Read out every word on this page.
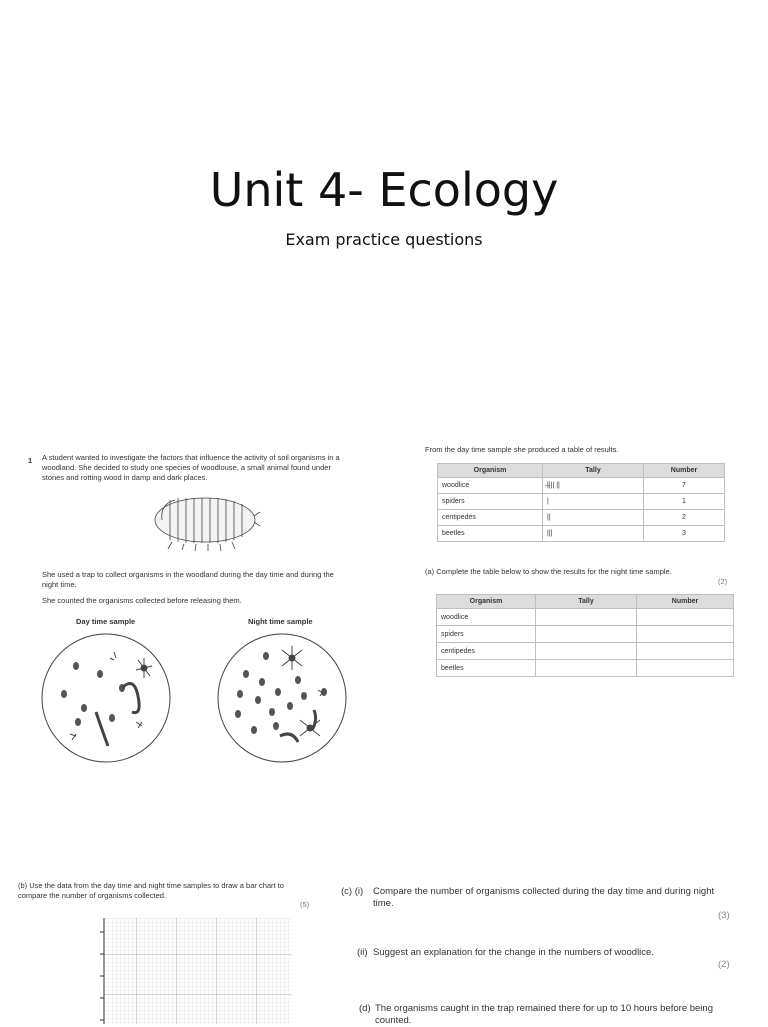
Unit 4- Ecology
Exam practice questions
1 A student wanted to investigate the factors that influence the activity of soil organisms in a woodland. She decided to study one species of woodlouse, a small animal found under stones and rotting wood in damp and dark places.
She used a trap to collect organisms in the woodland during the day time and during the night time.
She counted the organisms collected before releasing them.
Day time sample	Night time sample
From the day time sample she produced a table of results.
Organism	Tally	Number
woodlice	̶|||| ||	7
spiders	|	1
centipedes	||	2
beetles	|||	3
(a) Complete the table below to show the results for the night time sample.
(2)
Organism	Tally	Number
woodlice		
spiders		
centipedes		
beetles		
(b) Use the data from the day time and night time samples to draw a bar chart to compare the number of organisms collected.
(5)
(c) (i) Compare the number of organisms collected during the day time and during night time.
(3)
(ii) Suggest an explanation for the change in the numbers of woodlice.
(2)
(d) The organisms caught in the trap remained there for up to 10 hours before being counted.
